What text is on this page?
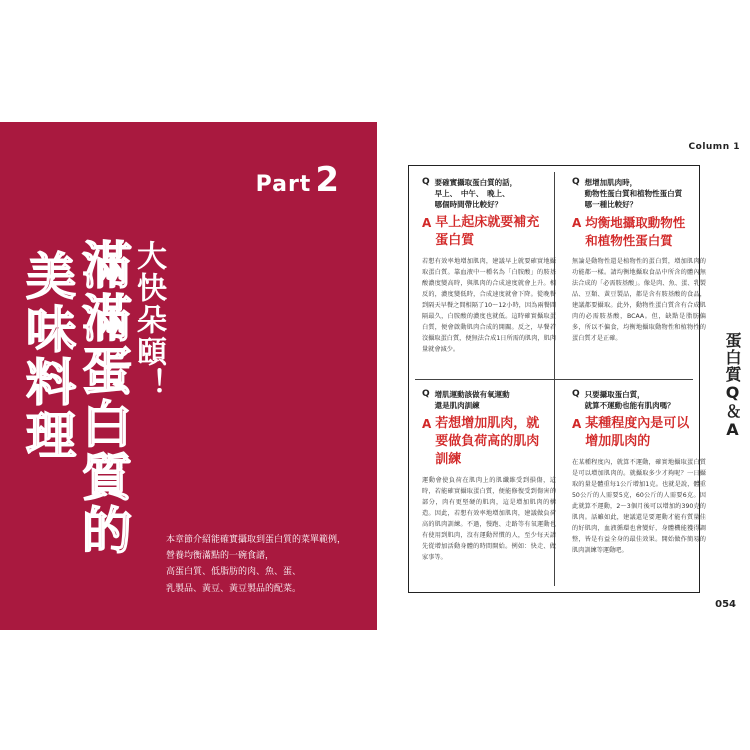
Part 2
大快朵頤！
滿滿蛋白質的
美味料理

本章節介紹能確實攝取到蛋白質的菜單範例，

營養均衡滿點的一碗食譜，

高蛋白質、低脂肪的肉、魚、蛋、

乳製品、黃豆、黃豆製品的配菜。

Column 1
蛋白質Q＆A
Q 要確實攝取蛋白質的話，
早上、　中午、　晚上、
哪個時間帶比較好？
A 早上起床就要補充
蛋白質
若想有效率地增加肌肉，建議早上就要確實地攝取蛋白質。靠血液中一種名為「白胺酸」的胺基酸濃度變高時，與肌肉的合成速度就會上升。相反的，濃度變低時，合成速度就會下降。從晚餐到隔天早餐之間相隔了10～12小時，因為兩餐間隔最久，白胺酸的濃度也就低。這時確實攝取蛋白質，便會啟動肌肉合成的開關。反之，早餐若沒攝取蛋白質，便無法合成1日所需的肌肉，肌肉量就會減少。
Q 想增加肌肉時，
動物性蛋白質和植物性蛋白質
哪一種比較好？
A 均衡地攝取動物性
和植物性蛋白質
無論是動物性還是植物性的蛋白質，增加肌肉的功能都一樣。請均衡地攝取食品中所含的體內無法合成的「必需胺基酸」。像是肉、魚、蛋、乳製品、豆類、黃豆製品，都是含有胺基酸的食品，建議都要攝取。此外，動物性蛋白質含有合成肌肉的必需胺基酸，BCAA。但，缺點是脂肪偏多，所以不偏食，均衡地攝取動物性和植物性的蛋白質才是正確。
Q 增肌運動該做有氧運動
還是肌肉訓練
A 若想增加肌肉，就
要做負荷高的肌肉
訓練
運動會使負荷在肌肉上的肌纖維受到損傷，這時，若能確實攝取蛋白質，便能修復受到傷害的部分，肉有更堅硬的肌肉，這是增加肌肉的構造。因此，若想有效率地增加肌肉，建議做負荷高的肌肉訓練。不過，慢跑、走路等有氧運動也有使用到肌肉，沒有運動習慣的人，至少每天請先從增加活動身體的時間開始。例如：快走、做家事等。
Q 只要攝取蛋白質，
就算不運動也能有肌肉嗎？
A 某種程度內是可以
增加肌肉的
在某種程度內，就算不運動，確實地攝取蛋白質是可以增加肌肉的。就攝取多少才夠呢？一日攝取的量是體重每1公斤增加1克。也就是說，體重50公斤的人需要5克，60公斤的人需要6克。因此就算不運動，2～3個月後可以增加約390克的肌肉。話雖如此，建議還是要運動才能有質量佳的好肌肉，血液循環也會變好，身體機能獲得調整，皆是有益全身的最佳效果。開始做作簡易的肌肉訓練等運動吧。
054
